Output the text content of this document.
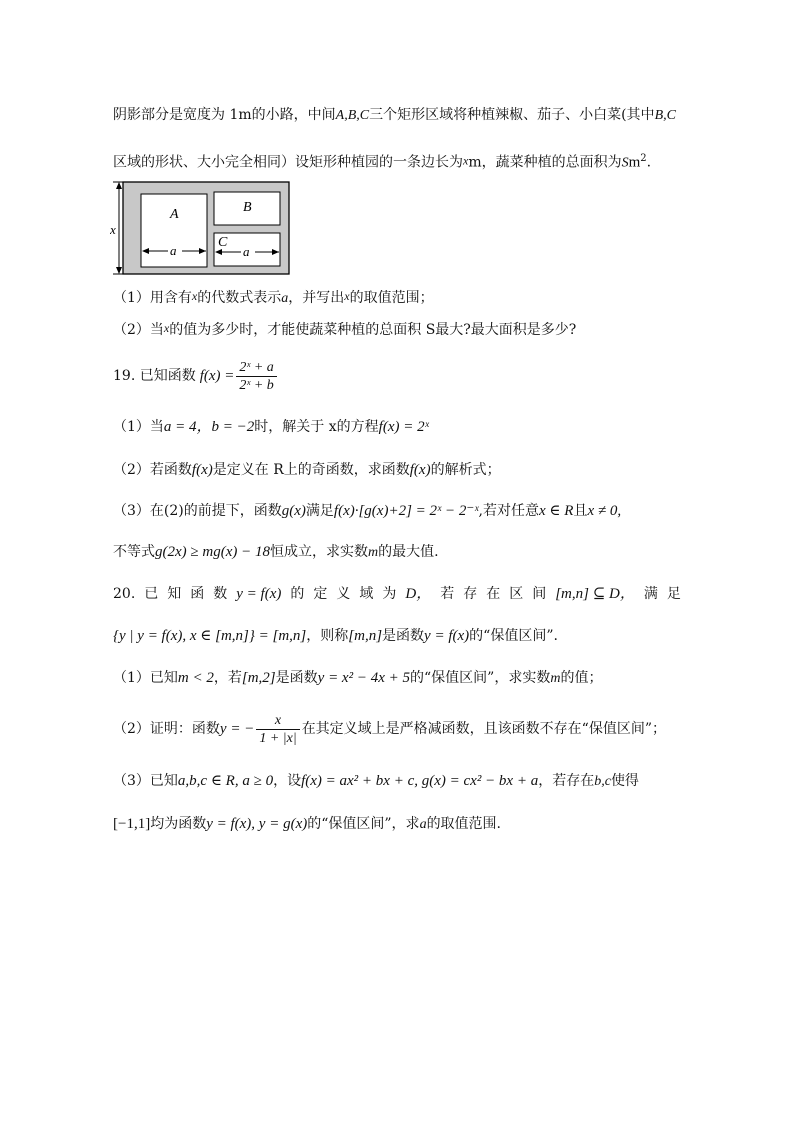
阴影部分是宽度为 1m的小路，中间A,B,C三个矩形区域将种植辣椒、茄子、小白菜(其中B,C
区域的形状、大小完全相同）设矩形种植园的一条边长为xm，蔬菜种植的总面积为Sm$^2$.
x
A	B
C
a	a
（1）用含有x的代数式表示a，并写出x的取值范围；
（2）当x的值为多少时，才能使蔬菜种植的总面积 S最大?最大面积是多少?
19. 已知函数 $f(x) = \frac{\text{2ˣ + a}}{\text{2ˣ + b}}$
（1）当a = 4，b = −2时，解关于 x的方程f(x) = 2ˣ
（2）若函数f(x)是定义在 R上的奇函数，求函数f(x)的解析式；
（3）在(2)的前提下，函数g(x)满足f(x)·[g(x)+2] = 2ˣ − 2⁻ˣ,若对任意x ∈ R且x ≠ 0,
不等式g(2x) ≥ mg(x) − 18恒成立，求实数m的最大值.
20. 已 知 函 数 y = f(x) 的 定 义 域 为 D， 若 存 在 区 间 [m,n] ⊆ D， 满 足
{y | y = f(x), x ∈ [m,n]} = [m,n]，则称[m,n]是函数y = f(x)的“保值区间”.
（1）已知m < 2，若[m,2]是函数y = x² − 4x + 5的“保值区间”，求实数m的值；
（2）证明：函数 y = − $\frac{x}{1 + |x|}$ 在其定义域上是严格减函数，且该函数不存在“保值区间”；
（3）已知a,b,c ∈ R, a ≥ 0，设f(x) = ax² + bx + c, g(x) = cx² − bx + a，若存在b,c使得
[−1,1]均为函数y = f(x), y = g(x)的“保值区间”，求a的取值范围.
